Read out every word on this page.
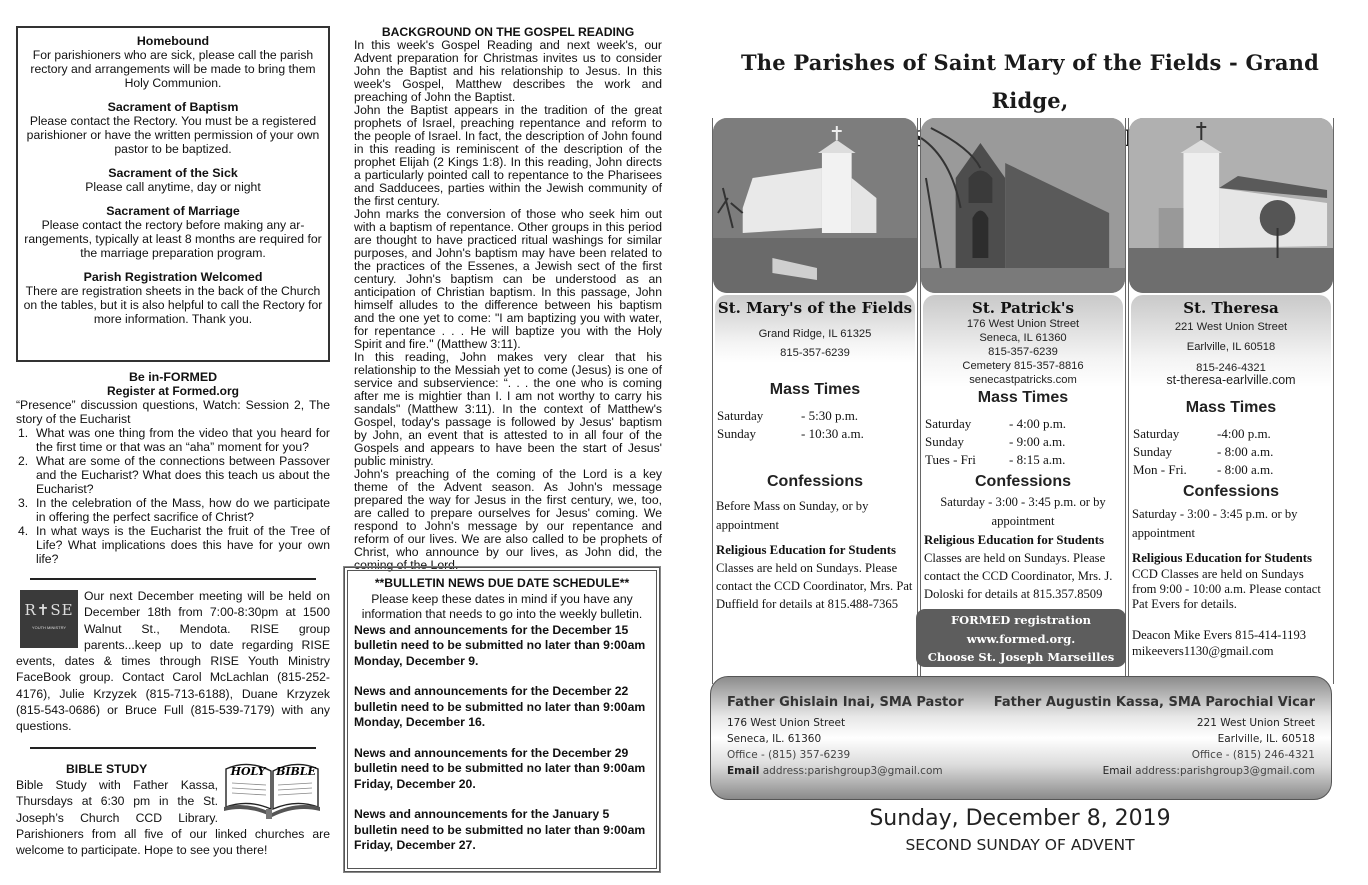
Homebound

For parishioners who are sick, please call the parish rectory and arrangements will be made to bring them Holy Communion.

Sacrament of Baptism

Please contact the Rectory. You must be a registered parishioner or have the written permission of your own pastor to be baptized.

Sacrament of the Sick

Please call anytime, day or night

Sacrament of Marriage

Please contact the rectory before making any ar-rangements, typically at least 8 months are required for the marriage preparation program.

Parish Registration Welcomed

There are registration sheets in the back of the Church on the tables, but it is also helpful to call the Rectory for more information. Thank you.

Be in-FORMED
Register at Formed.org
“Presence” discussion questions, Watch: Session 2, The story of the Eucharist
1. What was one thing from the video that you heard for the first time or that was an “aha” moment for you?
2. What are some of the connections between Passover and the Eucharist? What does this teach us about the Eucharist?
3. In the celebration of the Mass, how do we participate in offering the perfect sacrifice of Christ?
4. In what ways is the Eucharist the fruit of the Tree of Life? What implications does this have for your own life?
R✝SE
YOUTH MINISTRY
Our next December meeting will be held on December 18th from 7:00-8:30pm at 1500 Walnut St., Mendota. RISE group parents...keep up to date regarding RISE events, dates & times through RISE Youth Ministry FaceBook group. Contact Carol McLachlan (815-252-4176), Julie Krzyzek (815-713-6188), Duane Krzyzek (815-543-0686) or Bruce Full (815-539-7179) with any questions.
HOLY BIBLE
BIBLE STUDY
Bible Study with Father Kassa, Thursdays at 6:30 pm in the St. Joseph’s Church CCD Library. Parishioners from all five of our linked churches are welcome to participate. Hope to see you there!
BACKGROUND ON THE GOSPEL READING

In this week's Gospel Reading and next week's, our Advent preparation for Christmas invites us to consider John the Baptist and his relationship to Jesus. In this week's Gospel, Matthew describes the work and preaching of John the Baptist.

John the Baptist appears in the tradition of the great prophets of Israel, preaching repentance and reform to the people of Israel. In fact, the description of John found in this reading is reminiscent of the description of the prophet Elijah (2 Kings 1:8). In this reading, John directs a particularly pointed call to repentance to the Pharisees and Sadducees, parties within the Jewish community of the first century.

John marks the conversion of those who seek him out with a baptism of repentance. Other groups in this period are thought to have practiced ritual washings for similar purposes, and John's baptism may have been related to the practices of the Essenes, a Jewish sect of the first century. John's baptism can be understood as an anticipation of Christian baptism. In this passage, John himself alludes to the difference between his baptism and the one yet to come: "I am baptizing you with water, for repentance . . . He will baptize you with the Holy Spirit and fire." (Matthew 3:11).

In this reading, John makes very clear that his relationship to the Messiah yet to come (Jesus) is one of service and subservience: “. . . the one who is coming after me is mightier than I. I am not worthy to carry his sandals" (Matthew 3:11). In the context of Matthew's Gospel, today's passage is followed by Jesus' baptism by John, an event that is attested to in all four of the Gospels and appears to have been the start of Jesus' public ministry.

John's preaching of the coming of the Lord is a key theme of the Advent season. As John's message prepared the way for Jesus in the first century, we, too, are called to prepare ourselves for Jesus' coming. We respond to John's message by our repentance and reform of our lives. We are also called to be prophets of Christ, who announce by our lives, as John did, the coming of the Lord.

**BULLETIN NEWS DUE DATE SCHEDULE**
Please keep these dates in mind if you have any information that needs to go into the weekly bulletin.
News and announcements for the December 15 bulletin need to be submitted no later than 9:00am Monday, December 9.
News and announcements for the December 22 bulletin need to be submitted no later than 9:00am Monday, December 16.
News and announcements for the December 29 bulletin need to be submitted no later than 9:00am Friday, December 20.
News and announcements for the January 5 bulletin need to be submitted no later than 9:00am Friday, December 27.
The Parishes of Saint Mary of the Fields - Grand Ridge,
St. Mary's of the Fields
Grand Ridge, IL 61325
815-357-6239
Mass Times
Saturday	- 5:30 p.m.
Sunday	- 10:30 a.m.
Confessions
Before Mass on Sunday, or by appointment
Religious Education for Students
Classes are held on Sundays. Please contact the CCD Coordinator, Mrs. Pat Duffield for details at 815.488-7365
St. Patrick's
176 West Union Street
Seneca, IL 61360
815-357-6239
Cemetery 815-357-8816
senecastpatricks.com
Mass Times
Saturday	- 4:00 p.m.
Sunday	- 9:00 a.m.
Tues - Fri	- 8:15 a.m.
Confessions
Saturday - 3:00 - 3:45 p.m. or by appointment
Religious Education for Students
Classes are held on Sundays. Please contact the CCD Coordinator, Mrs. J. Doloski for details at 815.357.8509
FORMED registration
www.formed.org.
Choose St. Joseph Marseilles
St. Theresa
221 West Union Street
Earlville, IL 60518
815-246-4321
st-theresa-earlville.com
Mass Times
Saturday	-4:00 p.m.
Sunday	- 8:00 a.m.
Mon - Fri.	- 8:00 a.m.
Confessions
Saturday - 3:00 - 3:45 p.m. or by appointment
Religious Education for Students
CCD Classes are held on Sundays from 9:00 - 10:00 a.m. Please contact Pat Evers for details.
Deacon Mike Evers 815-414-1193
mikeevers1130@gmail.com
Father Ghislain Inai, SMA Pastor
176 West Union Street
Seneca, IL. 61360
Office - (815) 357-6239
Email address:parishgroup3@gmail.com
Father Augustin Kassa, SMA Parochial Vicar
221 West Union Street
Earlville, IL. 60518
Office - (815) 246-4321
Email address:parishgroup3@gmail.com
Sunday, December 8, 2019
SECOND SUNDAY OF ADVENT
